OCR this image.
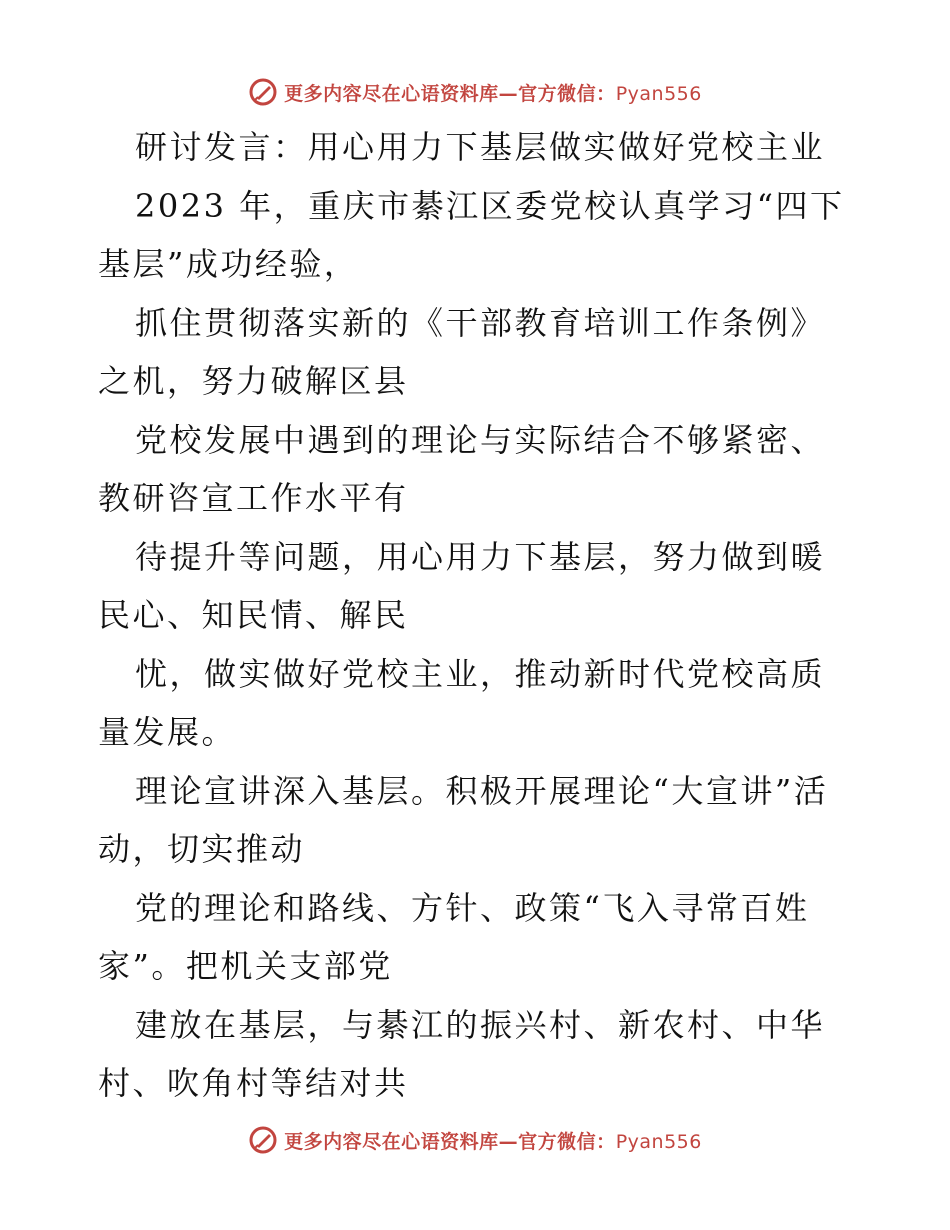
更多内容尽在心语资料库—官方微信：Pyan556

研讨发言：用心用力下基层做实做好党校主业

2023 年，重庆市綦江区委党校认真学习“四下基层”成功经验，

抓住贯彻落实新的《干部教育培训工作条例》之机，努力破解区县

党校发展中遇到的理论与实际结合不够紧密、教研咨宣工作水平有

待提升等问题，用心用力下基层，努力做到暖民心、知民情、解民

忧，做实做好党校主业，推动新时代党校高质量发展。

理论宣讲深入基层。积极开展理论“大宣讲”活动，切实推动

党的理论和路线、方针、政策“飞入寻常百姓家”。把机关支部党

建放在基层，与綦江的振兴村、新农村、中华村、吹角村等结对共

更多内容尽在心语资料库—官方微信：Pyan556
